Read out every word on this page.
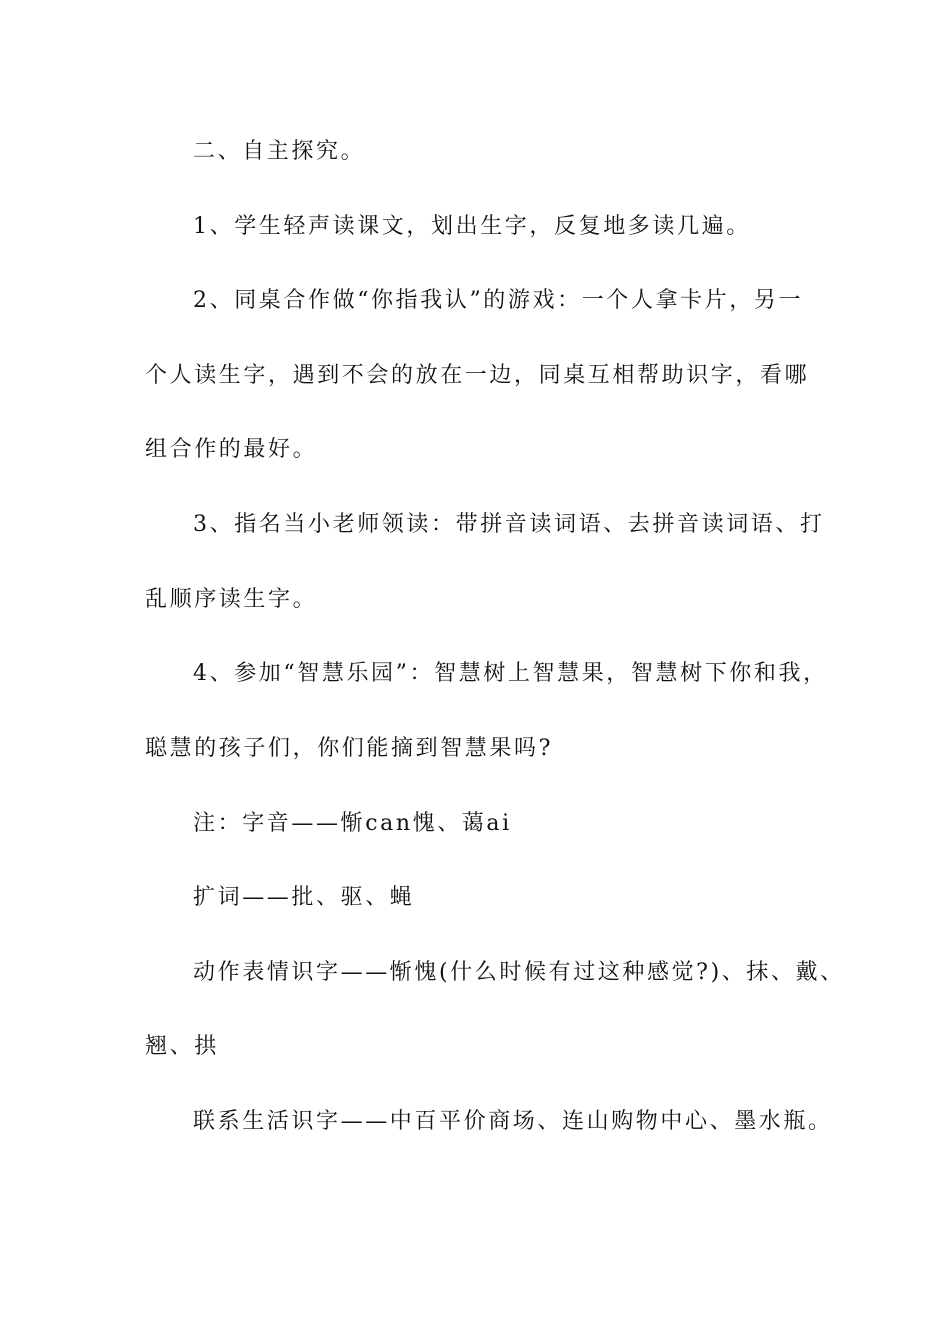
二、自主探究。
1、学生轻声读课文，划出生字，反复地多读几遍。
2、同桌合作做“你指我认”的游戏：一个人拿卡片，另一
个人读生字，遇到不会的放在一边，同桌互相帮助识字，看哪
组合作的最好。
3、指名当小老师领读：带拼音读词语、去拼音读词语、打
乱顺序读生字。
4、参加“智慧乐园”：智慧树上智慧果，智慧树下你和我，
聪慧的孩子们，你们能摘到智慧果吗?
注：字音——惭can愧、蔼ai
扩词——批、驱、蝇
动作表情识字——惭愧(什么时候有过这种感觉?)、抹、戴、
翘、拱
联系生活识字——中百平价商场、连山购物中心、墨水瓶。
